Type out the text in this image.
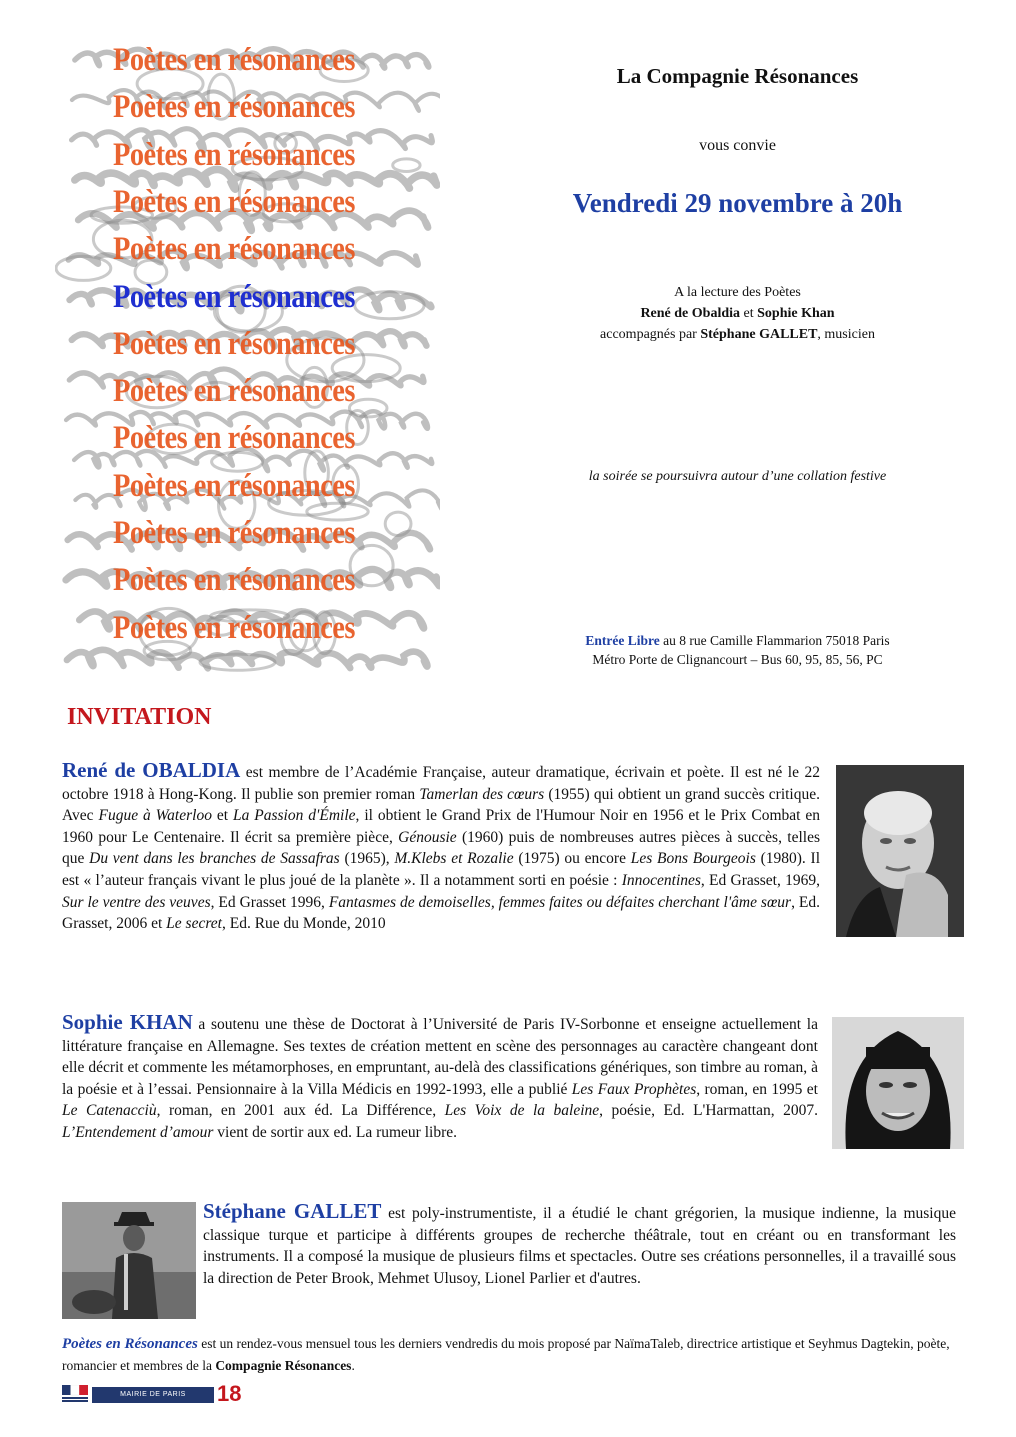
Poètes en résonances
Poètes en résonances
Poètes en résonances
Poètes en résonances
Poètes en résonances
Poètes en résonances
Poètes en résonances
Poètes en résonances
Poètes en résonances
Poètes en résonances
Poètes en résonances
Poètes en résonances
Poètes en résonances
La Compagnie Résonances
vous convie
Vendredi 29 novembre à 20h
A la lecture des Poètes
René de Obaldia et Sophie Khan
accompagnés par Stéphane GALLET, musicien
la soirée se poursuivra autour d’une collation festive
Entrée Libre au 8 rue Camille Flammarion 75018 Paris
Métro Porte de Clignancourt – Bus 60, 95, 85, 56, PC
INVITATION
René de OBALDIA est membre de l’Académie Française, auteur dramatique, écrivain et poète. Il est né le 22 octobre 1918 à Hong-Kong. Il publie son premier roman Tamerlan des cœurs (1955) qui obtient un grand succès critique. Avec Fugue à Waterloo et La Passion d'Émile, il obtient le Grand Prix de l'Humour Noir en 1956 et le Prix Combat en 1960 pour Le Centenaire. Il écrit sa première pièce, Génousie (1960) puis de nombreuses autres pièces à succès, telles que Du vent dans les branches de Sassafras (1965), M.Klebs et Rozalie (1975) ou encore Les Bons Bourgeois (1980). Il est « l’auteur français vivant le plus joué de la planète ». Il a notamment sorti en poésie : Innocentines, Ed Grasset, 1969, Sur le ventre des veuves, Ed Grasset 1996, Fantasmes de demoiselles, femmes faites ou défaites cherchant l'âme sœur, Ed. Grasset, 2006 et Le secret, Ed. Rue du Monde, 2010
Sophie KHAN a soutenu une thèse de Doctorat à l’Université de Paris IV-Sorbonne et enseigne actuellement la littérature française en Allemagne. Ses textes de création mettent en scène des personnages au caractère changeant dont elle décrit et commente les métamorphoses, en empruntant, au-delà des classifications génériques, son timbre au roman, à la poésie et à l’essai. Pensionnaire à la Villa Médicis en 1992-1993, elle a publié Les Faux Prophètes, roman, en 1995 et Le Catenacciù, roman, en 2001 aux éd. La Différence, Les Voix de la baleine, poésie, Ed. L'Harmattan, 2007. L’Entendement d’amour vient de sortir aux ed. La rumeur libre.
Stéphane GALLET est poly-instrumentiste, il a étudié le chant grégorien, la musique indienne, la musique classique turque et participe à différents groupes de recherche théâtrale, tout en créant ou en transformant les instruments. Il a composé la musique de plusieurs films et spectacles. Outre ses créations personnelles, il a travaillé sous la direction de Peter Brook, Mehmet Ulusoy, Lionel Parlier et d'autres.
Poètes en Résonances est un rendez-vous mensuel tous les derniers vendredis du mois proposé par NaïmaTaleb, directrice artistique et Seyhmus Dagtekin, poète, romancier et membres de la Compagnie Résonances.
MAIRIE DE PARIS	18
